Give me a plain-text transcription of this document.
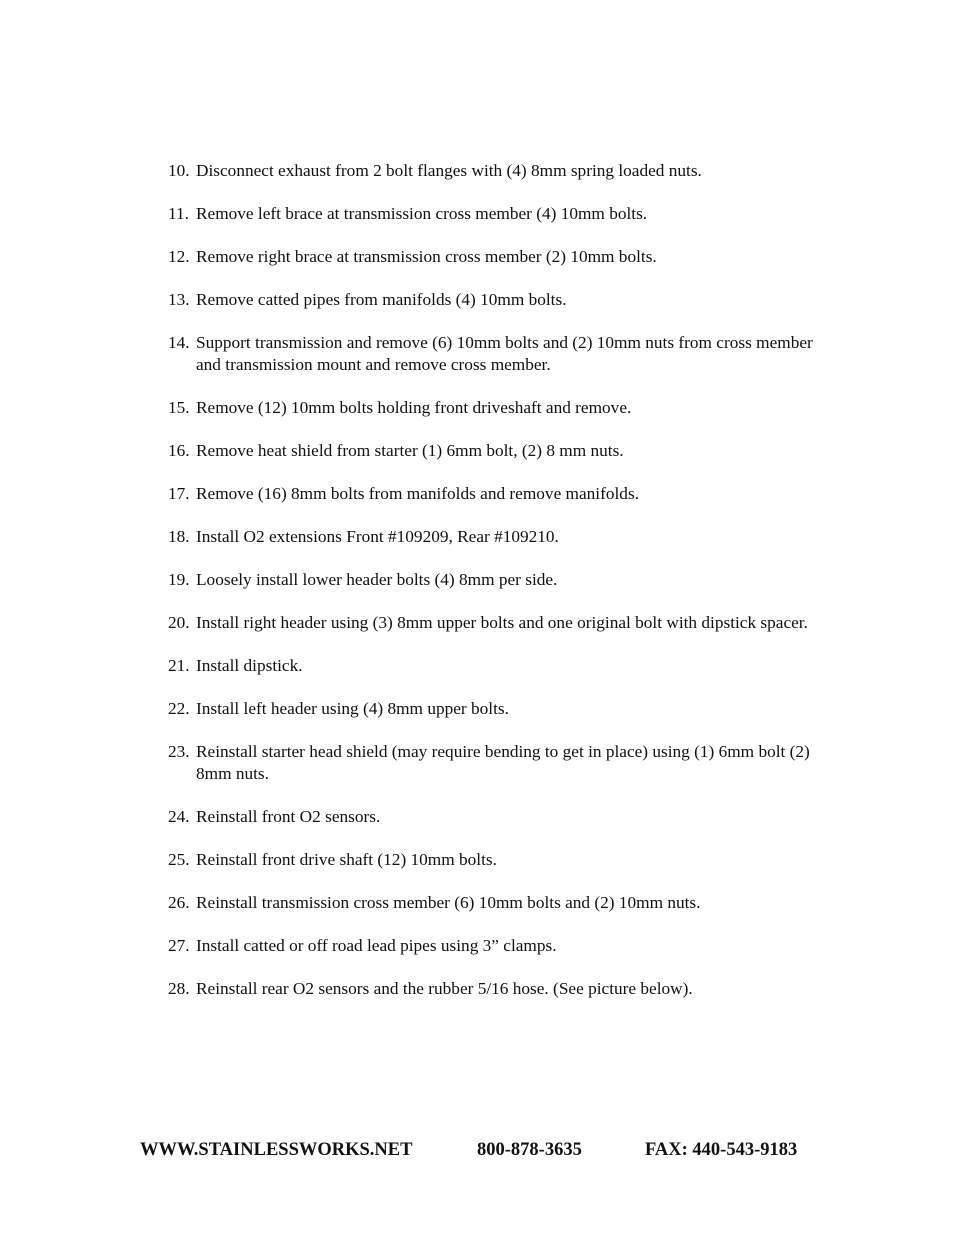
10. Disconnect exhaust from 2 bolt flanges with (4) 8mm spring loaded nuts.
11. Remove left brace at transmission cross member (4) 10mm bolts.
12. Remove right brace at transmission cross member (2) 10mm bolts.
13. Remove catted pipes from manifolds (4) 10mm bolts.
14. Support transmission and remove (6) 10mm bolts and (2) 10mm nuts from cross member and transmission mount and remove cross member.
15. Remove (12) 10mm bolts holding front driveshaft and remove.
16. Remove heat shield from starter (1) 6mm bolt, (2) 8 mm nuts.
17. Remove (16) 8mm bolts from manifolds and remove manifolds.
18. Install O2 extensions Front #109209, Rear #109210.
19. Loosely install lower header bolts (4) 8mm per side.
20. Install right header using (3) 8mm upper bolts and one original bolt with dipstick spacer.
21. Install dipstick.
22. Install left header using (4) 8mm upper bolts.
23. Reinstall starter head shield (may require bending to get in place) using (1) 6mm bolt (2) 8mm nuts.
24. Reinstall front O2 sensors.
25. Reinstall front drive shaft (12) 10mm bolts.
26. Reinstall transmission cross member (6) 10mm bolts and (2) 10mm nuts.
27. Install catted or off road lead pipes using 3” clamps.
28. Reinstall rear O2 sensors and the rubber 5/16 hose. (See picture below).
WWW.STAINLESSWORKS.NET	800-878-3635	FAX: 440-543-9183
